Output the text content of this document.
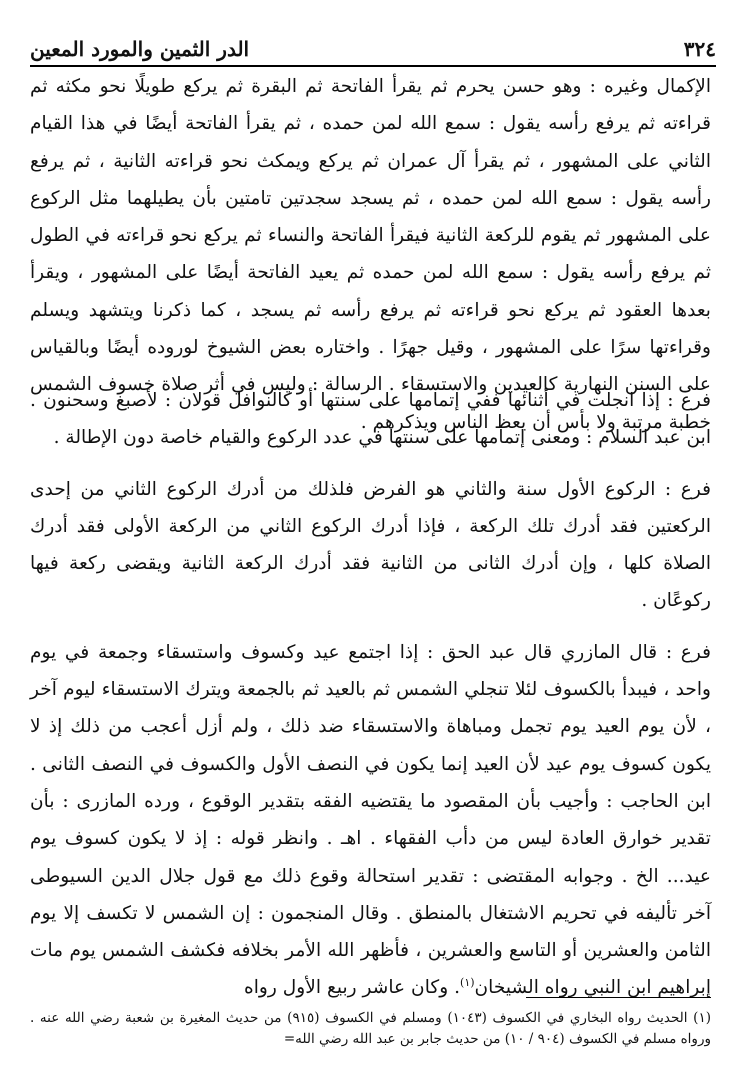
٣٢٤
الدر الثمين والمورد المعين

الإكمال وغيره : وهو حسن يحرم ثم يقرأ الفاتحة ثم البقرة ثم يركع طويلًا نحو مكثه ثم قراءته ثم يرفع رأسه يقول : سمع الله لمن حمده ، ثم يقرأ الفاتحة أيضًا في هذا القيام الثاني على المشهور ، ثم يقرأ آل عمران ثم يركع ويمكث نحو قراءته الثانية ، ثم يرفع رأسه يقول : سمع الله لمن حمده ، ثم يسجد سجدتين تامتين بأن يطيلهما مثل الركوع على المشهور ثم يقوم للركعة الثانية فيقرأ الفاتحة والنساء ثم يركع نحو قراءته في الطول ثم يرفع رأسه يقول : سمع الله لمن حمده ثم يعيد الفاتحة أيضًا على المشهور ، ويقرأ بعدها العقود ثم يركع نحو قراءته ثم يرفع رأسه ثم يسجد ، كما ذكرنا ويتشهد ويسلم وقراءتها سرًا على المشهور ، وقيل جهرًا . واختاره بعض الشيوخ لوروده أيضًا وبالقياس على السنن النهارية كالعيدين والاستسقاء . الرسالة : وليس في أثر صلاة خسوف الشمس خطبة مرتبة ولا بأس أن يعظ الناس ويذكرهم .

فرع : إذا انجلت في أثنائها ففي إتمامها على سنتها أو كالنوافل قولان : لأصبغ وسحنون . ابن عبد السلام : ومعنى إتمامها على سنتها في عدد الركوع والقيام خاصة دون الإطالة .

فرع : الركوع الأول سنة والثاني هو الفرض فلذلك من أدرك الركوع الثاني من إحدى الركعتين فقد أدرك تلك الركعة ، فإذا أدرك الركوع الثاني من الركعة الأولى فقد أدرك الصلاة كلها ، وإن أدرك الثانى من الثانية فقد أدرك الركعة الثانية ويقضى ركعة فيها ركوعًان .

فرع : قال المازري قال عبد الحق : إذا اجتمع عيد وكسوف واستسقاء وجمعة في يوم واحد ، فيبدأ بالكسوف لئلا تنجلي الشمس ثم بالعيد ثم بالجمعة ويترك الاستسقاء ليوم آخر ، لأن يوم العيد يوم تجمل ومباهاة والاستسقاء ضد ذلك ، ولم أزل أعجب من ذلك إذ لا يكون كسوف يوم عيد لأن العيد إنما يكون في النصف الأول والكسوف في النصف الثانى . ابن الحاجب : وأجيب بأن المقصود ما يقتضيه الفقه بتقدير الوقوع ، ورده المازرى : بأن تقدير خوارق العادة ليس من دأب الفقهاء . اهـ . وانظر قوله : إذ لا يكون كسوف يوم عيد... الخ . وجوابه المقتضى : تقدير استحالة وقوع ذلك مع قول جلال الدين السيوطى آخر تأليفه في تحريم الاشتغال بالمنطق . وقال المنجمون : إن الشمس لا تكسف إلا يوم الثامن والعشرين أو التاسع والعشرين ، فأظهر الله الأمر بخلافه فكشف الشمس يوم مات إبراهيم ابن النبي رواه الشيخان$^{(١)}$. وكان عاشر ربيع الأول رواه

(١) الحديث رواه البخاري في الكسوف (١٠٤٣) ومسلم في الكسوف (٩١٥) من حديث المغيرة بن شعبة رضي الله عنه . ورواه مسلم في الكسوف (٩٠٤ / ١٠) من حديث جابر بن عبد الله رضي الله=
